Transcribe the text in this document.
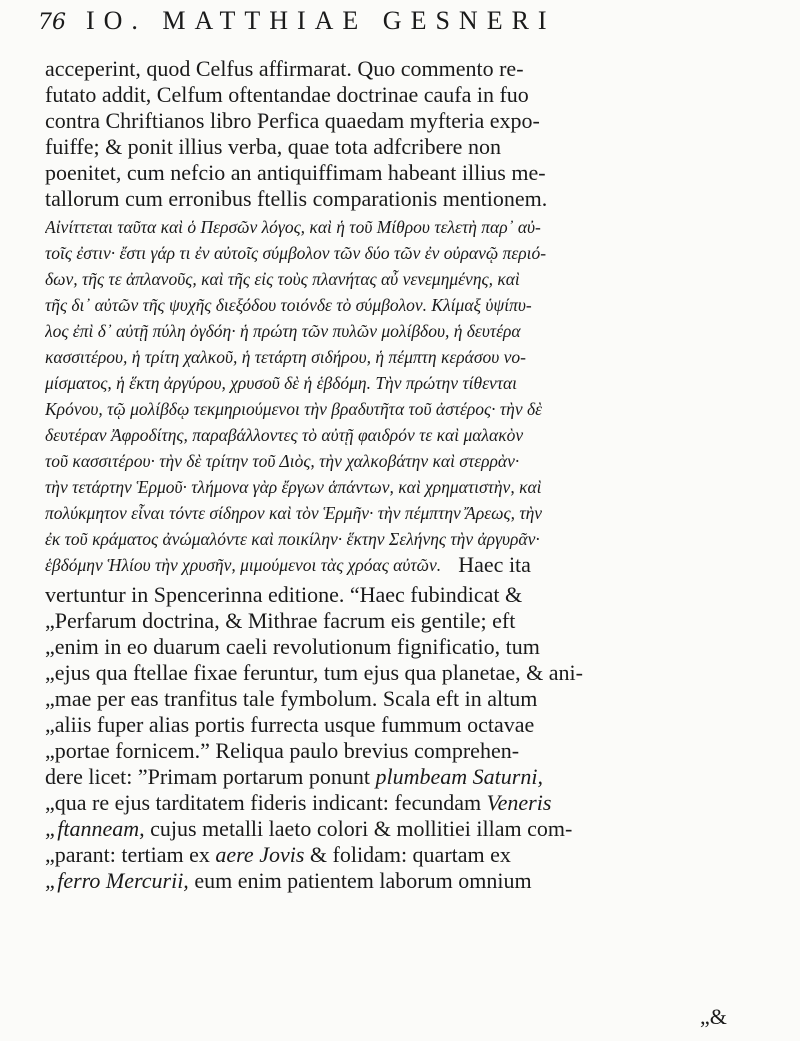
76 IO. MATTHIAE GESNERI
acceperint, quod Celfus affirmarat. Quo commento re-
futato addit, Celfum oftentandae doctrinae caufa in fuo
contra Chriftianos libro Perfica quaedam myfteria expo-
fuiffe; & ponit illius verba, quae tota adfcribere non
poenitet, cum nefcio an antiquiffimam habeant illius me-
tallorum cum erronibus ftellis comparationis mentionem.
Αἰνίττεται ταῦτα καὶ ὁ Περσῶν λόγος, καὶ ἡ τοῦ Μίθρου τελετὴ παρ᾽ αὐ-
τοῖς ἐστιν· ἔστι γάρ τι ἐν αὐτοῖς σύμβολον τῶν δύο τῶν ἐν οὐρανῷ περιό-
δων, τῆς τε ἀπλανοῦς, καὶ τῆς εἰς τοὺς πλανήτας αὖ νενεμημένης, καὶ
τῆς δι᾽ αὐτῶν τῆς ψυχῆς διεξόδου τοιόνδε τὸ σύμβολον. Κλίμαξ ὑψίπυ-
λος ἐπὶ δ᾽ αὐτῇ πύλη ὀγδόη· ἡ πρώτη τῶν πυλῶν μολίβδου, ἡ δευτέρα
κασσιτέρου, ἡ τρίτη χαλκοῦ, ἡ τετάρτη σιδήρου, ἡ πέμπτη κεράσου νο-
μίσματος, ἡ ἕκτη ἀργύρου, χρυσοῦ δὲ ἡ ἑβδόμη. Τὴν πρώτην τίθενται
Κρόνου, τῷ μολίβδῳ τεκμηριούμενοι τὴν βραδυτῆτα τοῦ ἀστέρος· τὴν δὲ
δευτέραν Ἀφροδίτης, παραβάλλοντες τὸ αὐτῇ φαιδρόν τε καὶ μαλακὸν
τοῦ κασσιτέρου· τὴν δὲ τρίτην τοῦ Διὸς, τὴν χαλκοβάτην καὶ στερρὰν·
τὴν τετάρτην Ἑρμοῦ· τλήμονα γὰρ ἔργων ἁπάντων, καὶ χρηματιστὴν, καὶ
πολύκμητον εἶναι τόντε σίδηρον καὶ τὸν Ἑρμῆν· τὴν πέμπτην Ἄρεως, τὴν
ἐκ τοῦ κράματος ἀνώμαλόντε καὶ ποικίλην· ἕκτην Σελήνης τὴν ἀργυρᾶν·
ἑβδόμην Ἡλίου τὴν χρυσῆν, μιμούμενοι τὰς χρόας αὐτῶν. Haec ita
vertuntur in Spencerinna editione. “Haec fubindicat &
„Perfarum doctrina, & Mithrae facrum eis gentile; eft
„enim in eo duarum caeli revolutionum fignificatio, tum
„ejus qua ftellae fixae feruntur, tum ejus qua planetae, & ani-
„mae per eas tranfitus tale fymbolum. Scala eft in altum
„aliis fuper alias portis furrecta usque fummum octavae
„portae fornicem.” Reliqua paulo brevius comprehen-
dere licet: ”Primam portarum ponunt plumbeam Saturni,
„qua re ejus tarditatem fideris indicant: fecundam Veneris
„ftanneam, cujus metalli laeto colori & mollitiei illam com-
„parant: tertiam ex aere Jovis & folidam: quartam ex
„ferro Mercurii, eum enim patientem laborum omnium
„&
